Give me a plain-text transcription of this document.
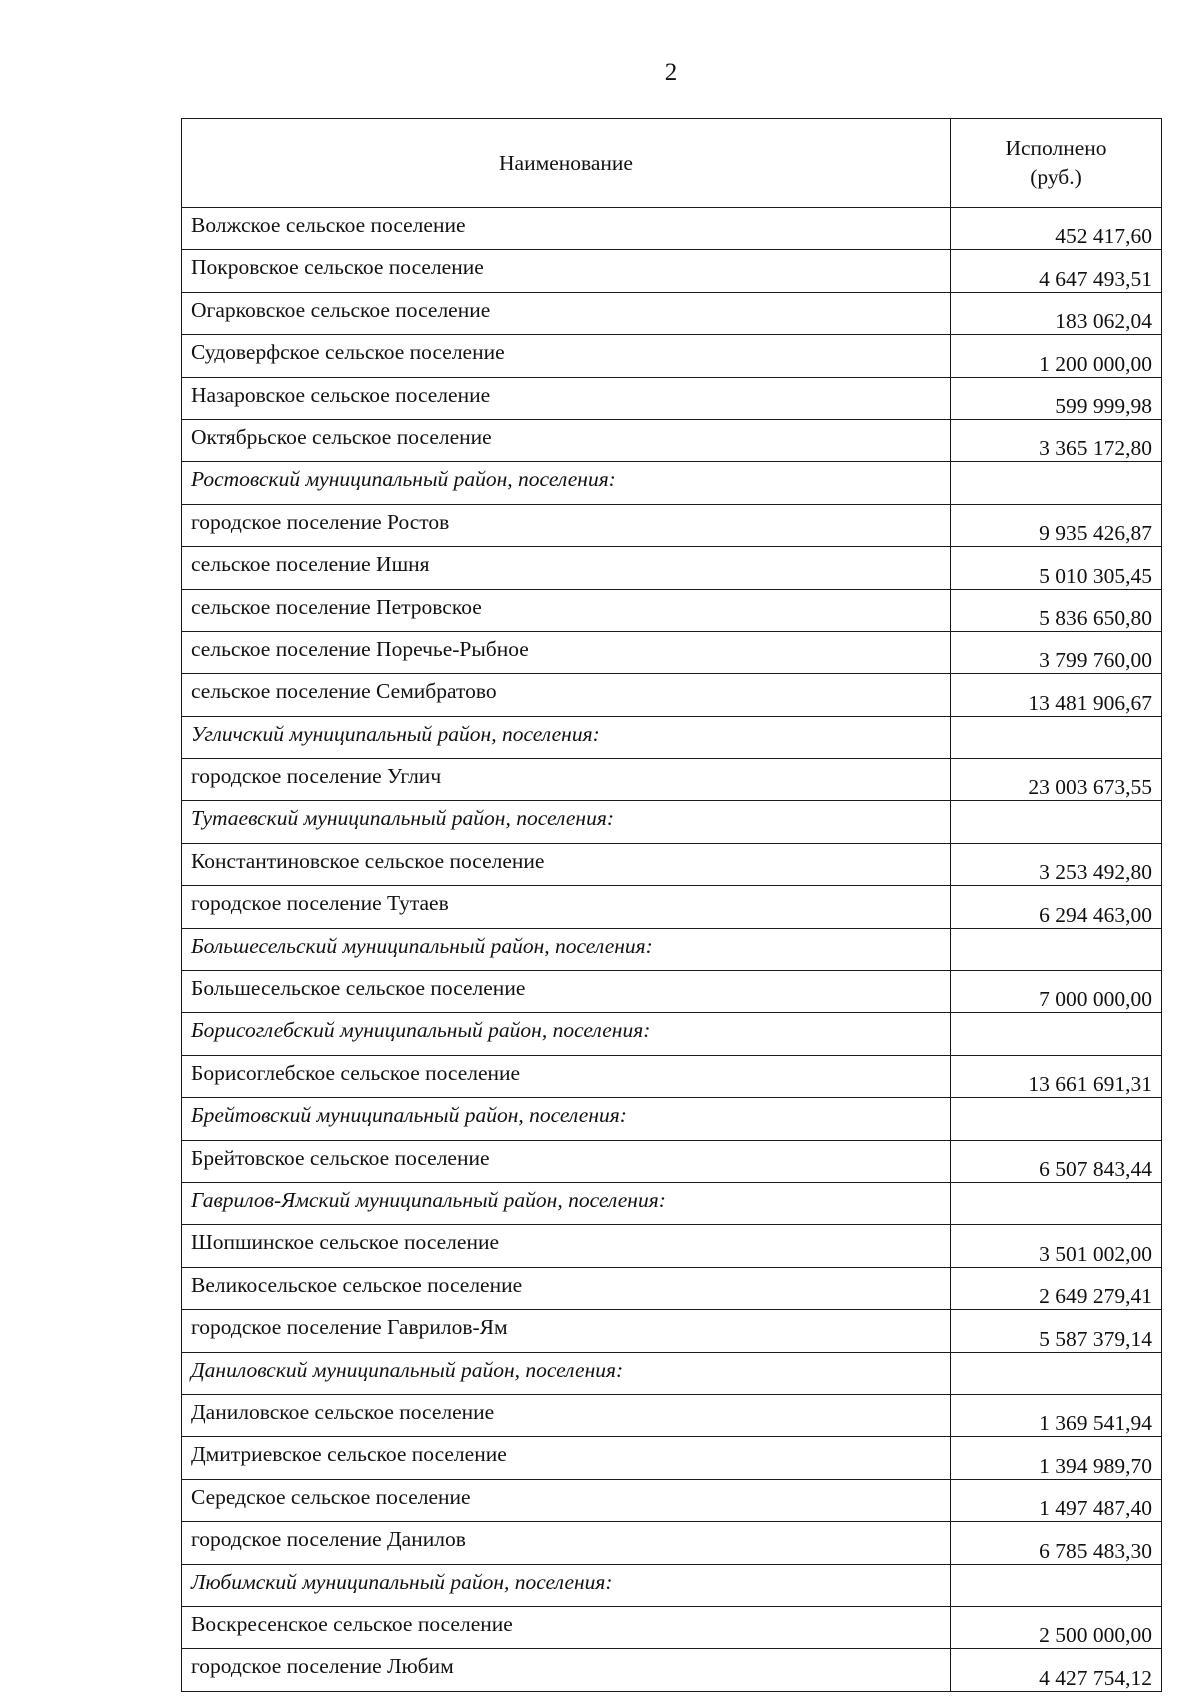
2
Наименование	Исполнено
(руб.)

Волжское сельское поселение	452 417,60
Покровское сельское поселение	4 647 493,51
Огарковское сельское поселение	183 062,04
Судоверфское сельское поселение	1 200 000,00
Назаровское сельское поселение	599 999,98
Октябрьское сельское поселение	3 365 172,80
Ростовский муниципальный район, поселения:	
городское поселение Ростов	9 935 426,87
сельское поселение Ишня	5 010 305,45
сельское поселение Петровское	5 836 650,80
сельское поселение Поречье-Рыбное	3 799 760,00
сельское поселение Семибратово	13 481 906,67
Угличский муниципальный район, поселения:	
городское поселение Углич	23 003 673,55
Тутаевский муниципальный район, поселения:	
Константиновское сельское поселение	3 253 492,80
городское поселение Тутаев	6 294 463,00
Большесельский муниципальный район, поселения:	
Большесельское сельское поселение	7 000 000,00
Борисоглебский муниципальный район, поселения:	
Борисоглебское сельское поселение	13 661 691,31
Брейтовский муниципальный район, поселения:	
Брейтовское сельское поселение	6 507 843,44
Гаврилов-Ямский муниципальный район, поселения:	
Шопшинское сельское поселение	3 501 002,00
Великосельское сельское поселение	2 649 279,41
городское поселение Гаврилов-Ям	5 587 379,14
Даниловский муниципальный район, поселения:	
Даниловское сельское поселение	1 369 541,94
Дмитриевское сельское поселение	1 394 989,70
Середское сельское поселение	1 497 487,40
городское поселение Данилов	6 785 483,30
Любимский муниципальный район, поселения:	
Воскресенское сельское поселение	2 500 000,00
городское поселение Любим	4 427 754,12
